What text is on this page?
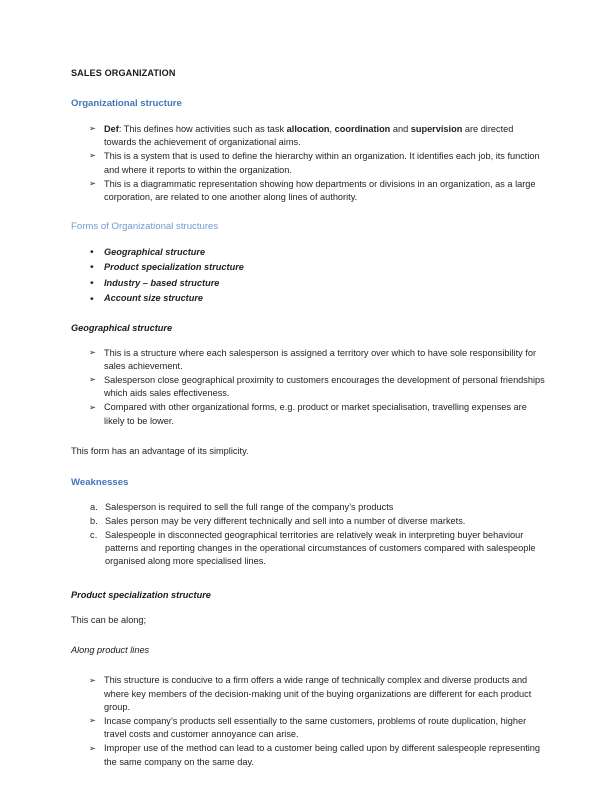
SALES ORGANIZATION
Organizational structure
➢ Def: This defines how activities such as task allocation, coordination and supervision are directed towards the achievement of organizational aims.
➢ This is a system that is used to define the hierarchy within an organization. It identifies each job, its function and where it reports to within the organization.
➢ This is a diagrammatic representation showing how departments or divisions in an organization, as a large corporation, are related to one another along lines of authority.
Forms of Organizational structures
• Geographical structure
• Product specialization structure
• Industry – based structure
• Account size structure
Geographical structure
➢ This is a structure where each salesperson is assigned a territory over which to have sole responsibility for sales achievement.
➢ Salesperson close geographical proximity to customers encourages the development of personal friendships which aids sales effectiveness.
➢ Compared with other organizational forms, e.g. product or market specialisation, travelling expenses are likely to be lower.

This form has an advantage of its simplicity.

Weaknesses
a. Salesperson is required to sell the full range of the company’s products
b. Sales person may be very different technically and sell into a number of diverse markets.
c. Salespeople in disconnected geographical territories are relatively weak in interpreting buyer behaviour patterns and reporting changes in the operational circumstances of customers compared with salespeople organised along more specialised lines.
Product specialization structure

This can be along;

Along product lines
➢ This structure is conducive to a firm offers a wide range of technically complex and diverse products and where key members of the decision-making unit of the buying organizations are different for each product group.
➢ Incase company’s products sell essentially to the same customers, problems of route duplication, higher travel costs and customer annoyance can arise.
➢ Improper use of the method can lead to a customer being called upon by different salespeople representing the same company on the same day.
